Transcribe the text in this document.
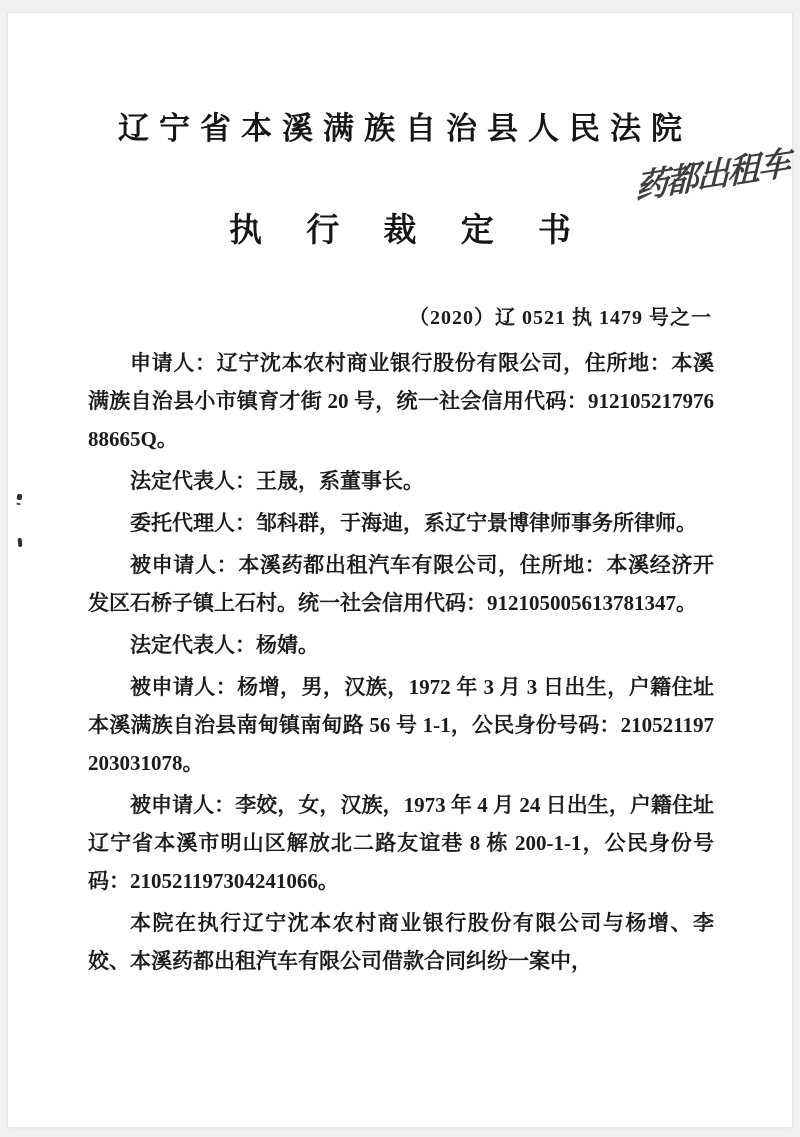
辽宁省本溪满族自治县人民法院
药都出租车
执 行 裁 定 书
（2020）辽 0521 执 1479 号之一

申请人：辽宁沈本农村商业银行股份有限公司，住所地：本溪满族自治县小市镇育才街 20 号，统一社会信用代码：91210521797688665Q。

法定代表人：王晟，系董事长。

委托代理人：邹科群，于海迪，系辽宁景博律师事务所律师。

被申请人：本溪药都出租汽车有限公司，住所地：本溪经济开发区石桥子镇上石村。统一社会信用代码：912105005613781347。

法定代表人：杨婧。

被申请人：杨增，男，汉族，1972 年 3 月 3 日出生，户籍住址本溪满族自治县南甸镇南甸路 56 号 1-1，公民身份号码：210521197203031078。

被申请人：李姣，女，汉族，1973 年 4 月 24 日出生，户籍住址辽宁省本溪市明山区解放北二路友谊巷 8 栋 200-1-1，公民身份号码：210521197304241066。

本院在执行辽宁沈本农村商业银行股份有限公司与杨增、李姣、本溪药都出租汽车有限公司借款合同纠纷一案中，
